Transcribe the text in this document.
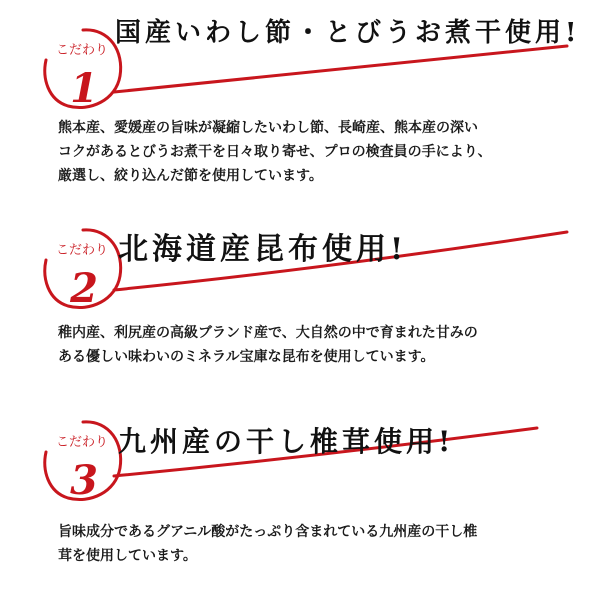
こだわり
1
国産いわし節・とびうお煮干使用!
熊本産、愛媛産の旨味が凝縮したいわし節、長崎産、熊本産の深い
コクがあるとびうお煮干を日々取り寄せ、プロの検査員の手により、
厳選し、絞り込んだ節を使用しています。
こだわり
2
北海道産昆布使用!
稚内産、利尻産の高級ブランド産で、大自然の中で育まれた甘みの
ある優しい味わいのミネラル宝庫な昆布を使用しています。
こだわり
3
九州産の干し椎茸使用!
旨味成分であるグアニル酸がたっぷり含まれている九州産の干し椎
茸を使用しています。
